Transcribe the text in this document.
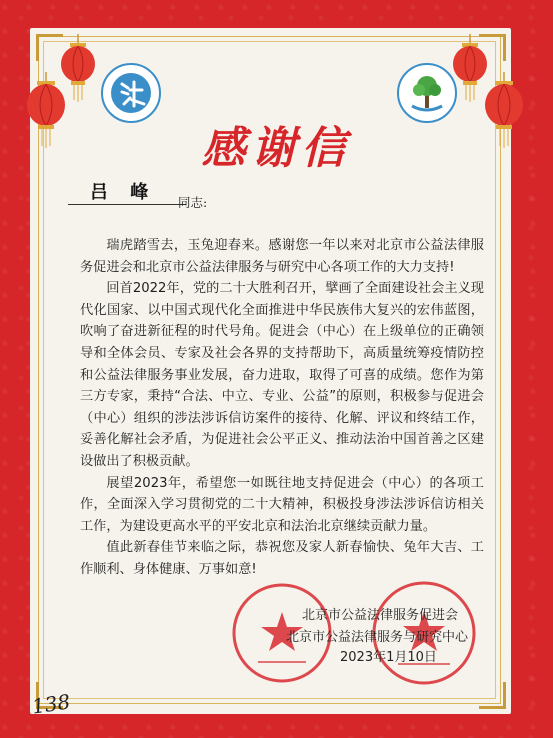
感谢信
吕 峰 同志:

瑞虎踏雪去，玉兔迎春来。感谢您一年以来对北京市公益法律服务促进会和北京市公益法律服务与研究中心各项工作的大力支持!

回首2022年，党的二十大胜利召开，擘画了全面建设社会主义现代化国家、以中国式现代化全面推进中华民族伟大复兴的宏伟蓝图，吹响了奋进新征程的时代号角。促进会（中心）在上级单位的正确领导和全体会员、专家及社会各界的支持帮助下，高质量统筹疫情防控和公益法律服务事业发展，奋力进取，取得了可喜的成绩。您作为第三方专家，秉持“合法、中立、专业、公益”的原则，积极参与促进会（中心）组织的涉法涉诉信访案件的接待、化解、评议和终结工作，妥善化解社会矛盾，为促进社会公平正义、推动法治中国首善之区建设做出了积极贡献。

展望2023年，希望您一如既往地支持促进会（中心）的各项工作，全面深入学习贯彻党的二十大精神，积极投身涉法涉诉信访相关工作，为建设更高水平的平安北京和法治北京继续贡献力量。

值此新春佳节来临之际，恭祝您及家人新春愉快、兔年大吉、工作顺利、身体健康、万事如意!

北京市公益法律服务促进会
北京市公益法律服务与研究中心
2023年1月10日
138
